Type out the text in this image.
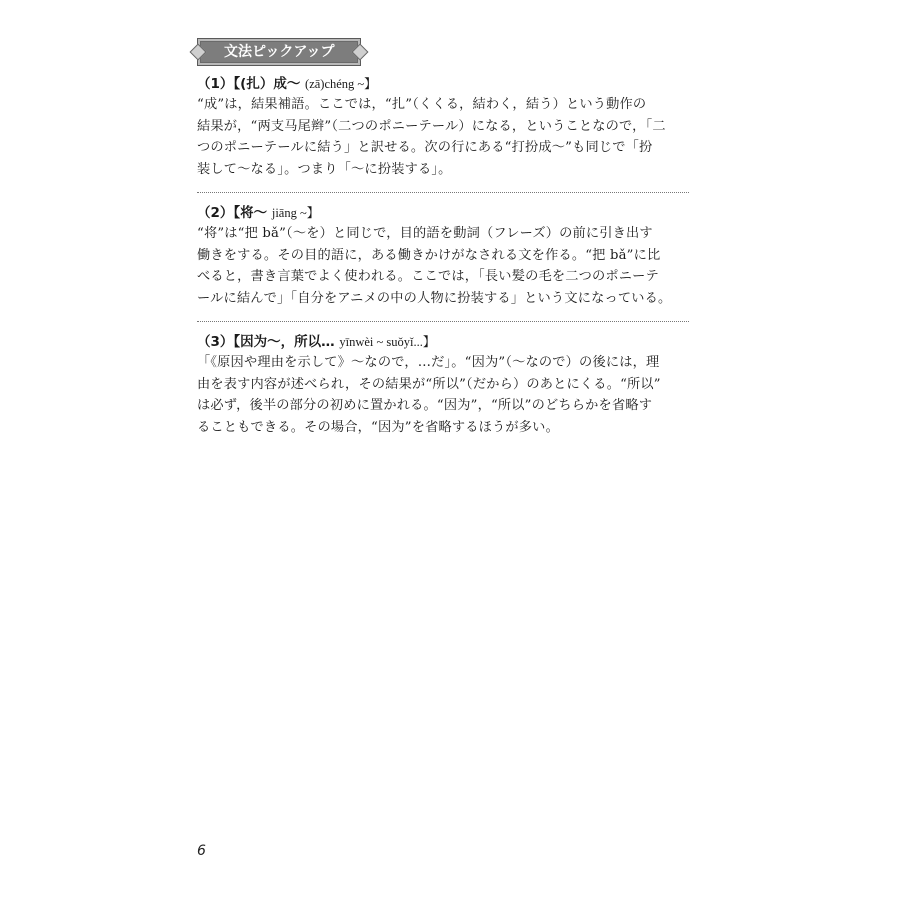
文法ピックアップ
（1）【(扎）成～ (zā)chéng ~】

“成”は，結果補語。ここでは，“扎”（くくる，結わく，結う）という動作の

結果が，“两支马尾辫”（二つのポニーテール）になる，ということなので，「二

つのポニーテールに結う」と訳せる。次の行にある“打扮成～”も同じで「扮

装して～なる」。つまり「～に扮装する」。

（2）【将～ jiāng ~】

“将”は“把 bǎ”（～を）と同じで，目的語を動詞（フレーズ）の前に引き出す

働きをする。その目的語に，ある働きかけがなされる文を作る。“把 bǎ”に比

べると，書き言葉でよく使われる。ここでは，「長い髪の毛を二つのポニーテ

ールに結んで」「自分をアニメの中の人物に扮装する」という文になっている。

（3）【因为～，所以… yīnwèi ~ suǒyǐ...】

「《原因や理由を示して》～なので，…だ」。“因为”（～なので）の後には，理

由を表す内容が述べられ，その結果が“所以”（だから）のあとにくる。“所以”

は必ず，後半の部分の初めに置かれる。“因为”，“所以”のどちらかを省略す

ることもできる。その場合，“因为”を省略するほうが多い。

6
